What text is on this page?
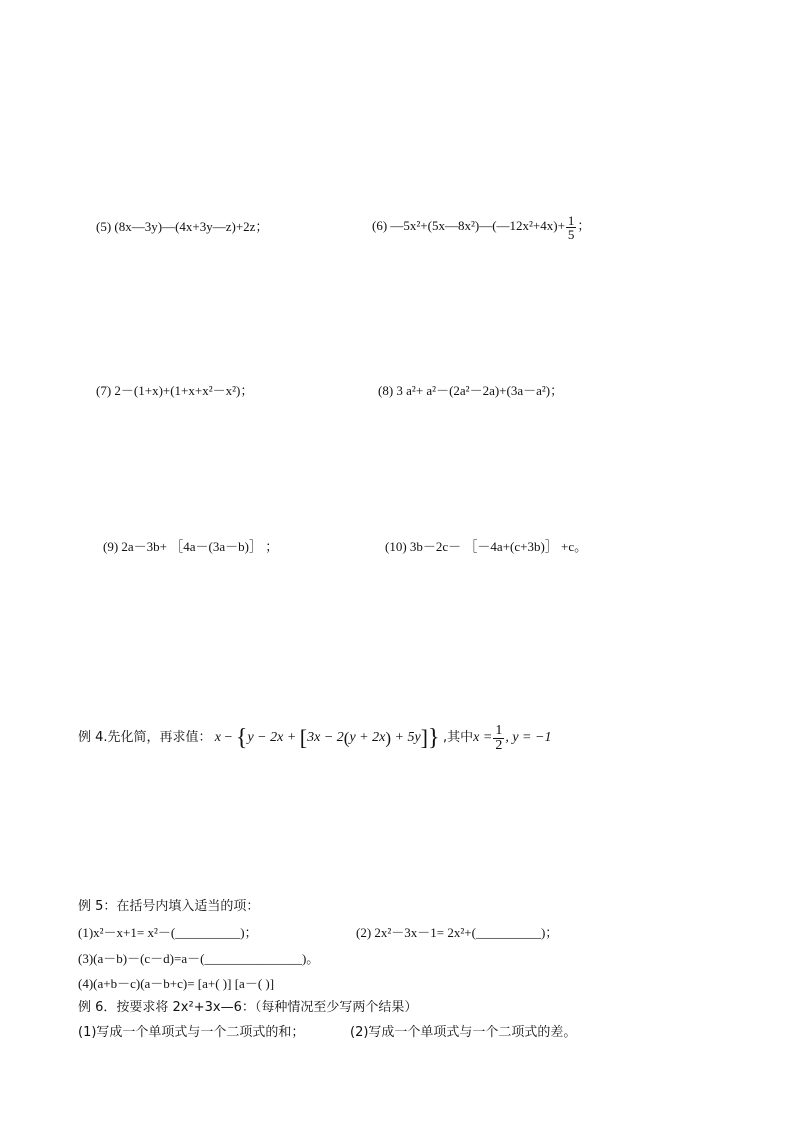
(5) (8x—3y)—(4x+3y—z)+2z；	(6) —5x²+(5x—8x²)—(—12x²+4x)+ $\frac{1}{5}$ ；
(7) 2－(1+x)+(1+x+x²－x²)；	(8) 3 a²+ a²－(2a²－2a)+(3a－a²)；
(9) 2a－3b+ ［4a－(3a－b)］ ；	(10) 3b－2c－ ［－4a+(c+3b)］ +c。
例 4.先化简，再求值： x − {y − 2x + [3x − 2(y + 2x) + 5y]} ,其中$x = \frac{1}{2}$ , y = −1
例 5：在括号内填入适当的项：
(1)x²－x+1= x²－(__________)；	(2) 2x²－3x－1= 2x²+(__________)；
(3)(a－b)－(c－d)=a－(_______________)。
(4)(a+b－c)(a－b+c)= [a+( )] [a－( )]
例 6．按要求将 2x²+3x—6：（每种情况至少写两个结果）
(1)写成一个单项式与一个二项式的和；	(2)写成一个单项式与一个二项式的差。
